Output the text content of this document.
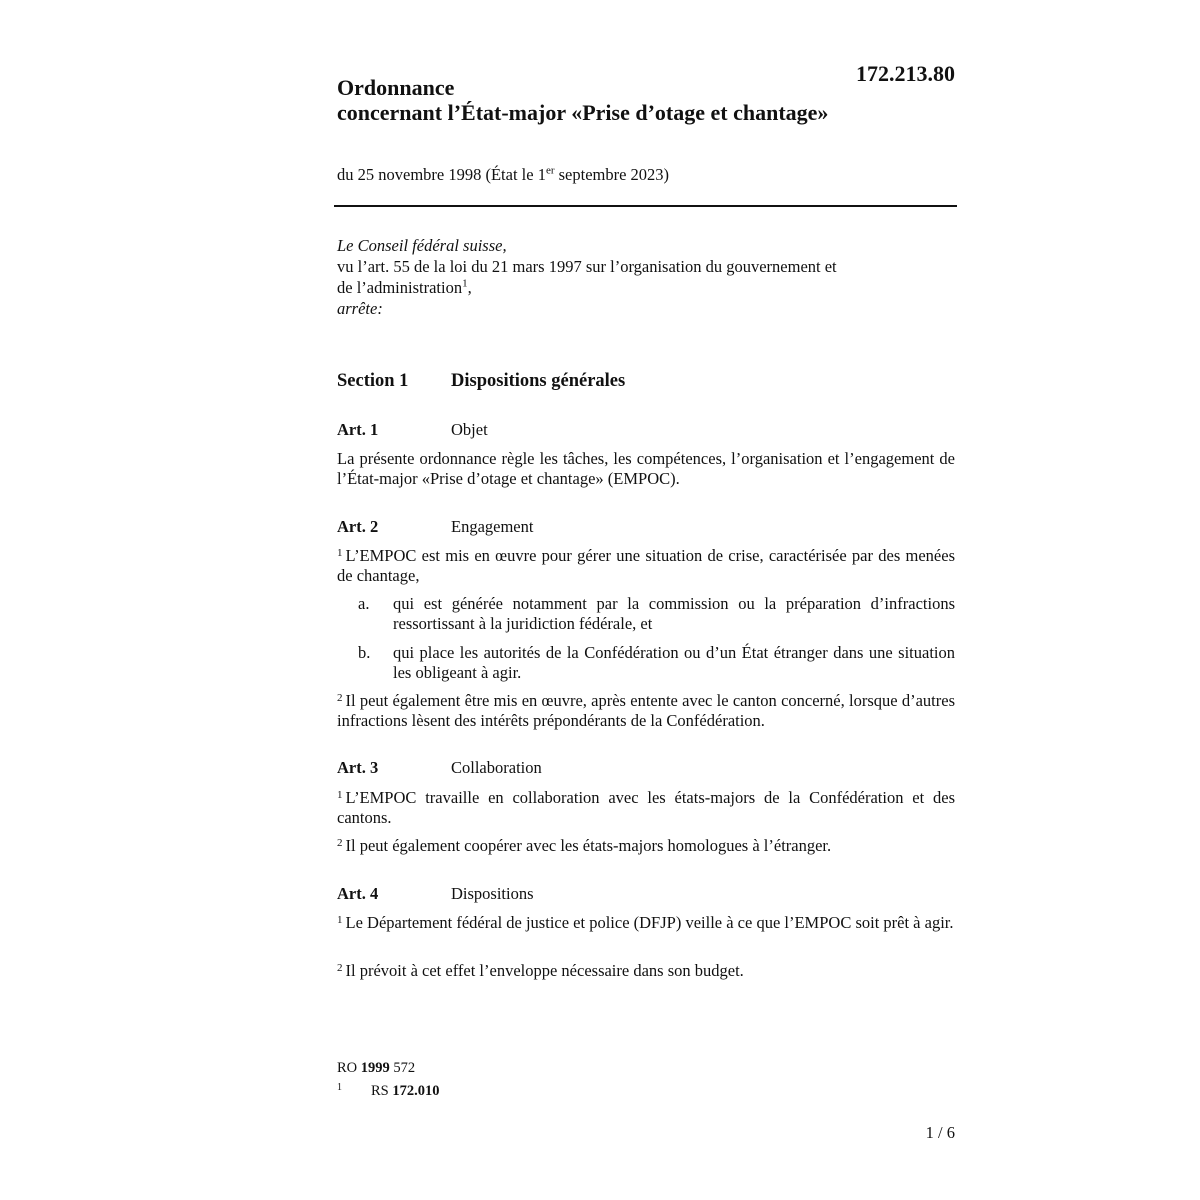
172.213.80
Ordonnance
concernant l’État-major «Prise d’otage et chantage»
du 25 novembre 1998 (État le 1er septembre 2023)

Le Conseil fédéral suisse,

vu l’art. 55 de la loi du 21 mars 1997 sur l’organisation du gouvernement et

de l’administration$^1$,

arrête:

Section 1 Dispositions générales
Art. 1	Objet
La présente ordonnance règle les tâches, les compétences, l’organisation et l’engagement de l’État-major «Prise d’otage et chantage» (EMPOC).
Art. 2	Engagement
$^1$ L’EMPOC est mis en œuvre pour gérer une situation de crise, caractérisée par des menées de chantage,
a.	qui est générée notamment par la commission ou la préparation d’infractions ressortissant à la juridiction fédérale, et
b.	qui place les autorités de la Confédération ou d’un État étranger dans une situation les obligeant à agir.
$^2$ Il peut également être mis en œuvre, après entente avec le canton concerné, lorsque d’autres infractions lèsent des intérêts prépondérants de la Confédération.
Art. 3	Collaboration
$^1$ L’EMPOC travaille en collaboration avec les états-majors de la Confédération et des cantons.
$^2$ Il peut également coopérer avec les états-majors homologues à l’étranger.
Art. 4	Dispositions
$^1$ Le Département fédéral de justice et police (DFJP) veille à ce que l’EMPOC soit prêt à agir.
$^2$ Il prévoit à cet effet l’enveloppe nécessaire dans son budget.
RO 1999 572
1 RS 172.010
1 / 6
